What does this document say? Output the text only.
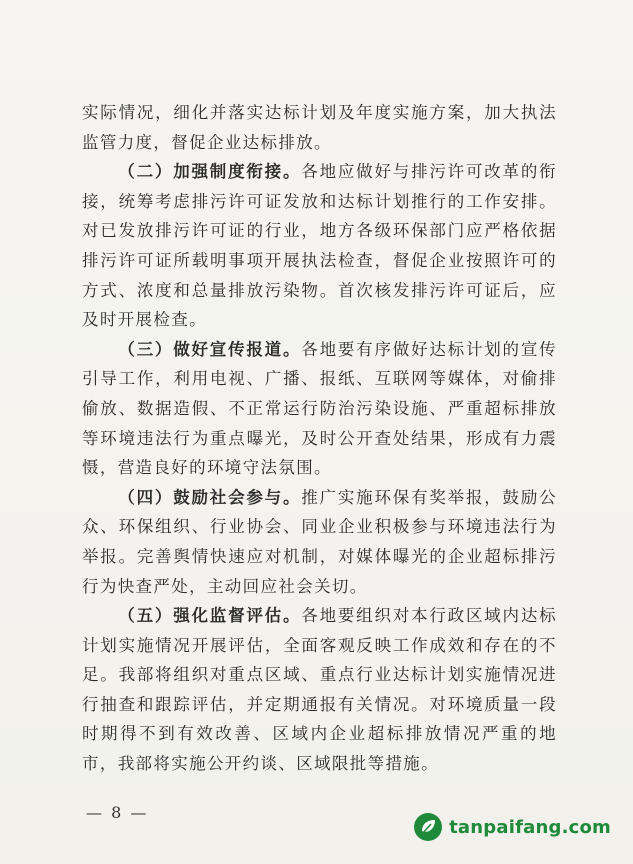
实际情况，细化并落实达标计划及年度实施方案，加大执法监管力度，督促企业达标排放。

（二）加强制度衔接。各地应做好与排污许可改革的衔接，统筹考虑排污许可证发放和达标计划推行的工作安排。对已发放排污许可证的行业，地方各级环保部门应严格依据排污许可证所载明事项开展执法检查，督促企业按照许可的方式、浓度和总量排放污染物。首次核发排污许可证后，应及时开展检查。

（三）做好宣传报道。各地要有序做好达标计划的宣传引导工作，利用电视、广播、报纸、互联网等媒体，对偷排偷放、数据造假、不正常运行防治污染设施、严重超标排放等环境违法行为重点曝光，及时公开查处结果，形成有力震慑，营造良好的环境守法氛围。

（四）鼓励社会参与。推广实施环保有奖举报，鼓励公众、环保组织、行业协会、同业企业积极参与环境违法行为举报。完善舆情快速应对机制，对媒体曝光的企业超标排污行为快查严处，主动回应社会关切。

（五）强化监督评估。各地要组织对本行政区域内达标计划实施情况开展评估，全面客观反映工作成效和存在的不足。我部将组织对重点区域、重点行业达标计划实施情况进行抽查和跟踪评估，并定期通报有关情况。对环境质量一段时期得不到有效改善、区域内企业超标排放情况严重的地市，我部将实施公开约谈、区域限批等措施。

— 8 —
tanpaifang.com
